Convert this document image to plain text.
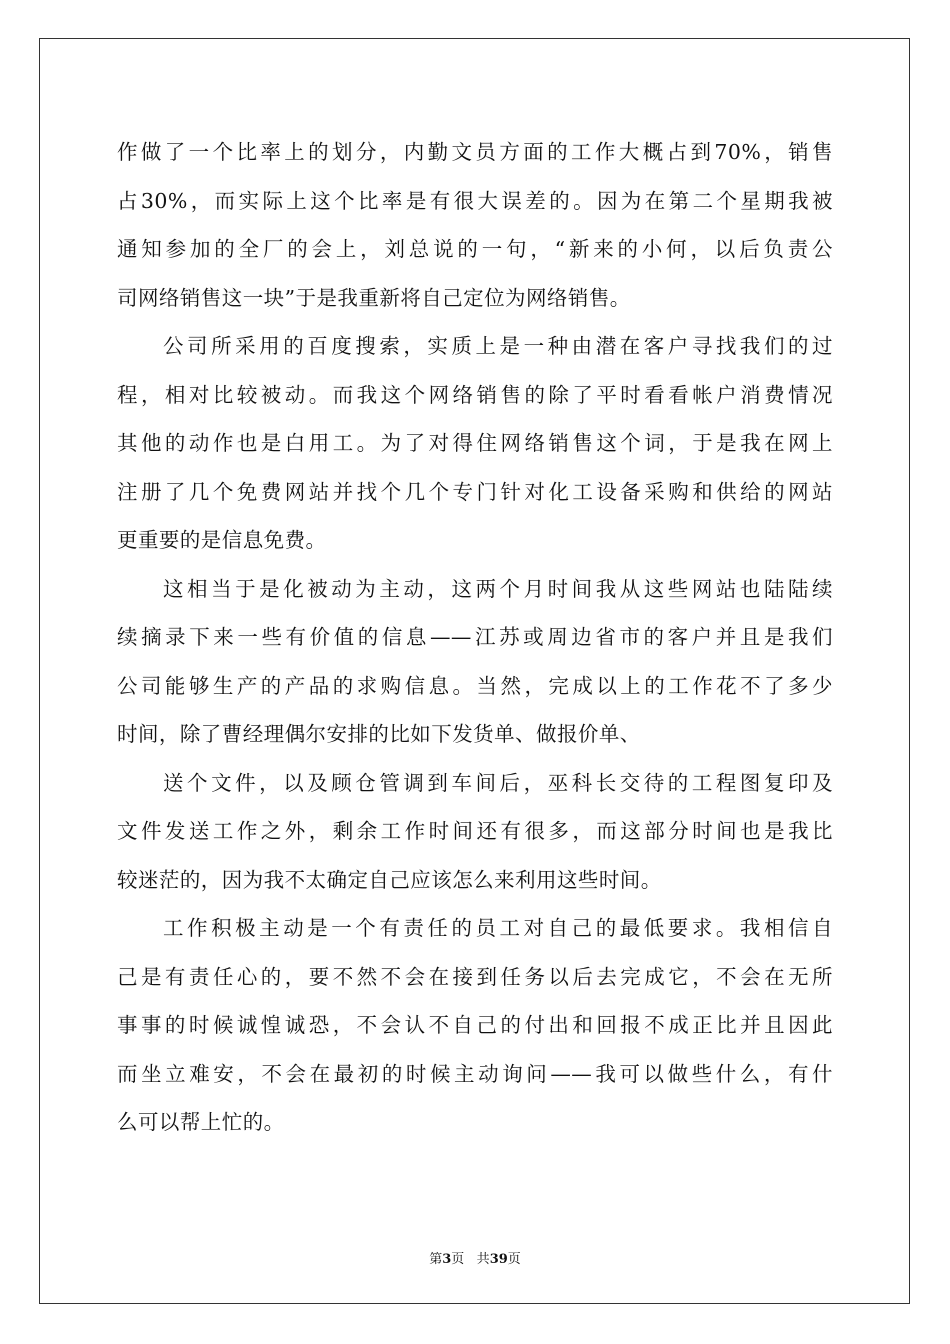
作做了一个比率上的划分，内勤文员方面的工作大概占到70%，销售
占30%，而实际上这个比率是有很大误差的。因为在第二个星期我被
通知参加的全厂的会上，刘总说的一句，“新来的小何，以后负责公
司网络销售这一块”于是我重新将自己定位为网络销售。
公司所采用的百度搜索，实质上是一种由潜在客户寻找我们的过
程，相对比较被动。而我这个网络销售的除了平时看看帐户消费情况
其他的动作也是白用工。为了对得住网络销售这个词，于是我在网上
注册了几个免费网站并找个几个专门针对化工设备采购和供给的网站
更重要的是信息免费。
这相当于是化被动为主动，这两个月时间我从这些网站也陆陆续
续摘录下来一些有价值的信息——江苏或周边省市的客户并且是我们
公司能够生产的产品的求购信息。当然，完成以上的工作花不了多少
时间，除了曹经理偶尔安排的比如下发货单、做报价单、
送个文件，以及顾仓管调到车间后，巫科长交待的工程图复印及
文件发送工作之外，剩余工作时间还有很多，而这部分时间也是我比
较迷茫的，因为我不太确定自己应该怎么来利用这些时间。
工作积极主动是一个有责任的员工对自己的最低要求。我相信自
己是有责任心的，要不然不会在接到任务以后去完成它，不会在无所
事事的时候诚惶诚恐，不会认不自己的付出和回报不成正比并且因此
而坐立难安，不会在最初的时候主动询问——我可以做些什么，有什
么可以帮上忙的。
第3页 共39页
